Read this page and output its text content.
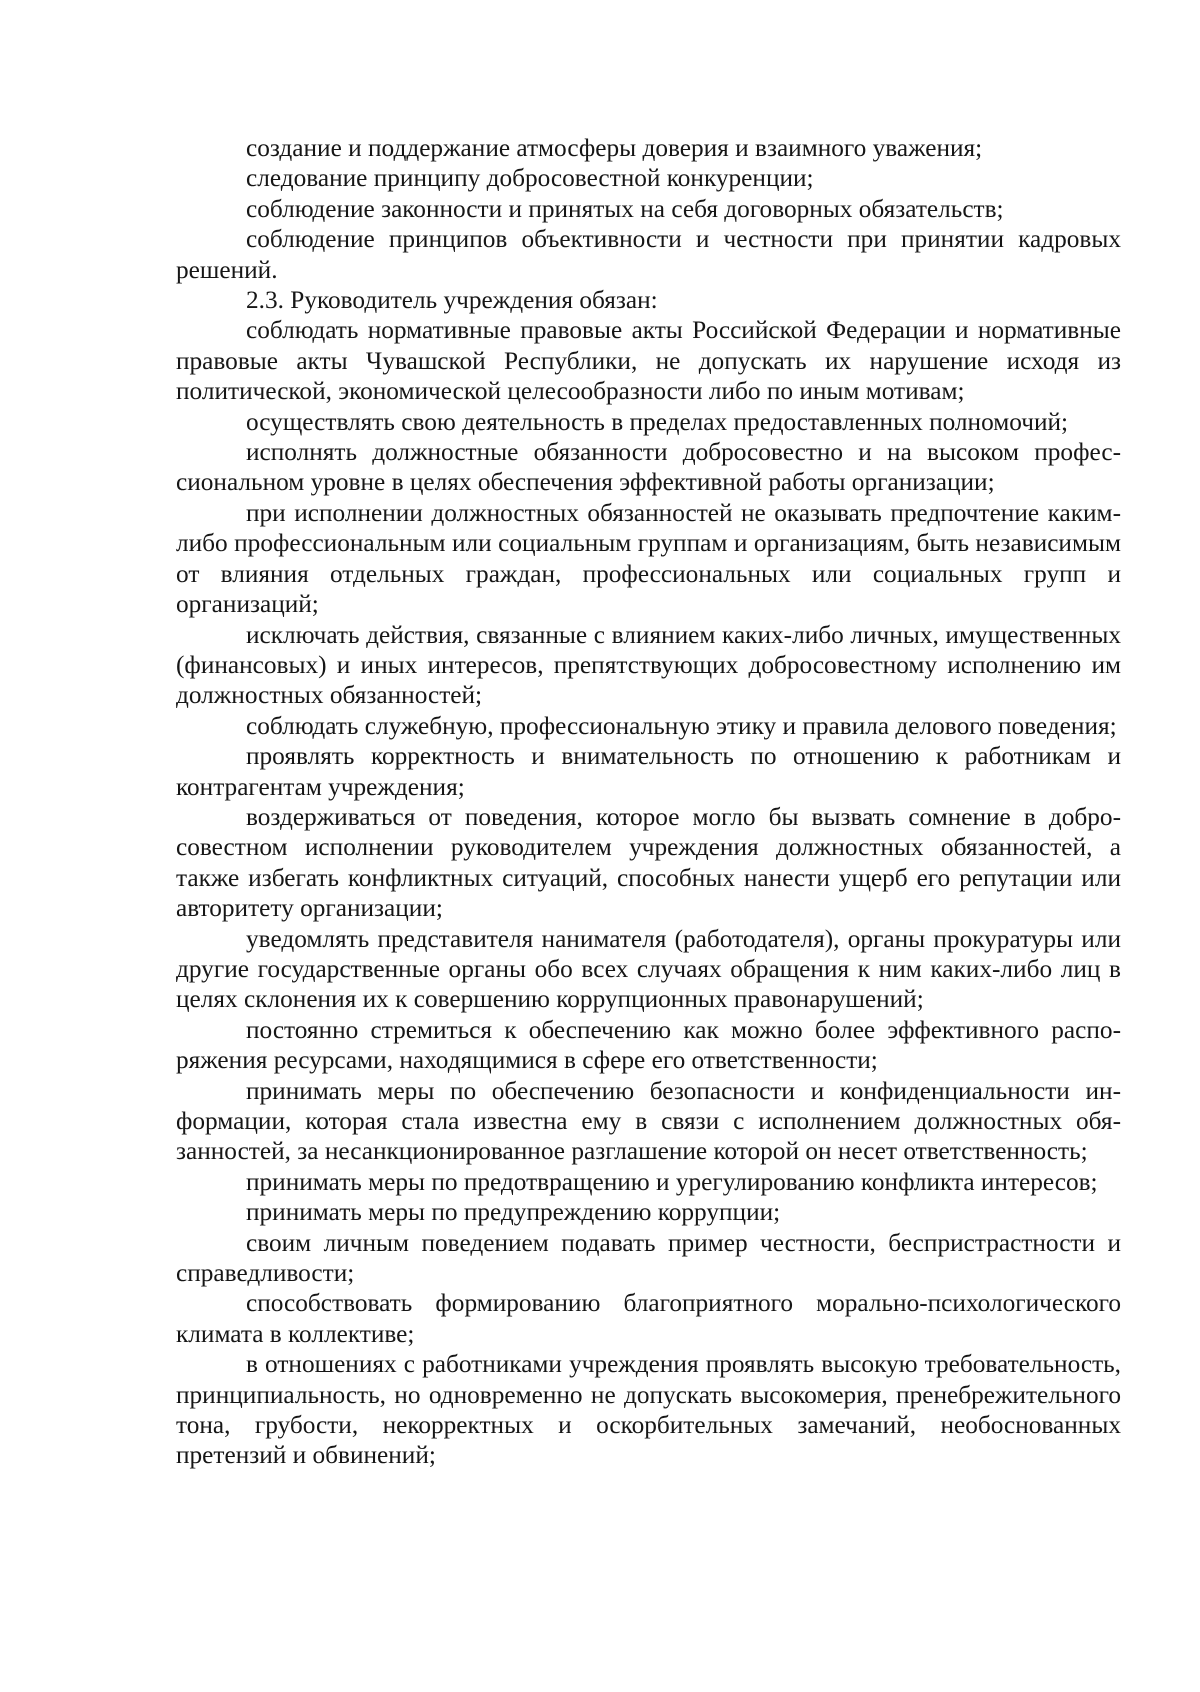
создание и поддержание атмосферы доверия и взаимного уважения;

следование принципу добросовестной конкуренции;

соблюдение законности и принятых на себя договорных обязательств;

соблюдение принципов объективности и честности при принятии кадровых решений.

2.3. Руководитель учреждения обязан:

соблюдать нормативные правовые акты Российской Федерации и нормативные правовые акты Чувашской Республики, не допускать их нарушение исходя из политической, экономической целесообразности либо по иным мотивам;

осуществлять свою деятельность в пределах предоставленных полномочий;

исполнять должностные обязанности добросовестно и на высоком профессиональном уровне в целях обеспечения эффективной работы организации;

при исполнении должностных обязанностей не оказывать предпочтение каким-либо профессиональным или социальным группам и организациям, быть независимым от влияния отдельных граждан, профессиональных или социальных групп и организаций;

исключать действия, связанные с влиянием каких-либо личных, имущественных (финансовых) и иных интересов, препятствующих добросовестному исполнению им должностных обязанностей;

соблюдать служебную, профессиональную этику и правила делового поведения;

проявлять корректность и внимательность по отношению к работникам и контрагентам учреждения;

воздерживаться от поведения, которое могло бы вызвать сомнение в добросовестном исполнении руководителем учреждения должностных обязанностей, а также избегать конфликтных ситуаций, способных нанести ущерб его репутации или авторитету организации;

уведомлять представителя нанимателя (работодателя), органы прокуратуры или другие государственные органы обо всех случаях обращения к ним каких-либо лиц в целях склонения их к совершению коррупционных правонарушений;

постоянно стремиться к обеспечению как можно более эффективного распоряжения ресурсами, находящимися в сфере его ответственности;

принимать меры по обеспечению безопасности и конфиденциальности информации, которая стала известна ему в связи с исполнением должностных обязанностей, за несанкционированное разглашение которой он несет ответственность;

принимать меры по предотвращению и урегулированию конфликта интересов;

принимать меры по предупреждению коррупции;

своим личным поведением подавать пример честности, беспристрастности и справедливости;

способствовать формированию благоприятного морально-психологического климата в коллективе;

в отношениях с работниками учреждения проявлять высокую требовательность, принципиальность, но одновременно не допускать высокомерия, пренебрежительного тона, грубости, некорректных и оскорбительных замечаний, необоснованных претензий и обвинений;
